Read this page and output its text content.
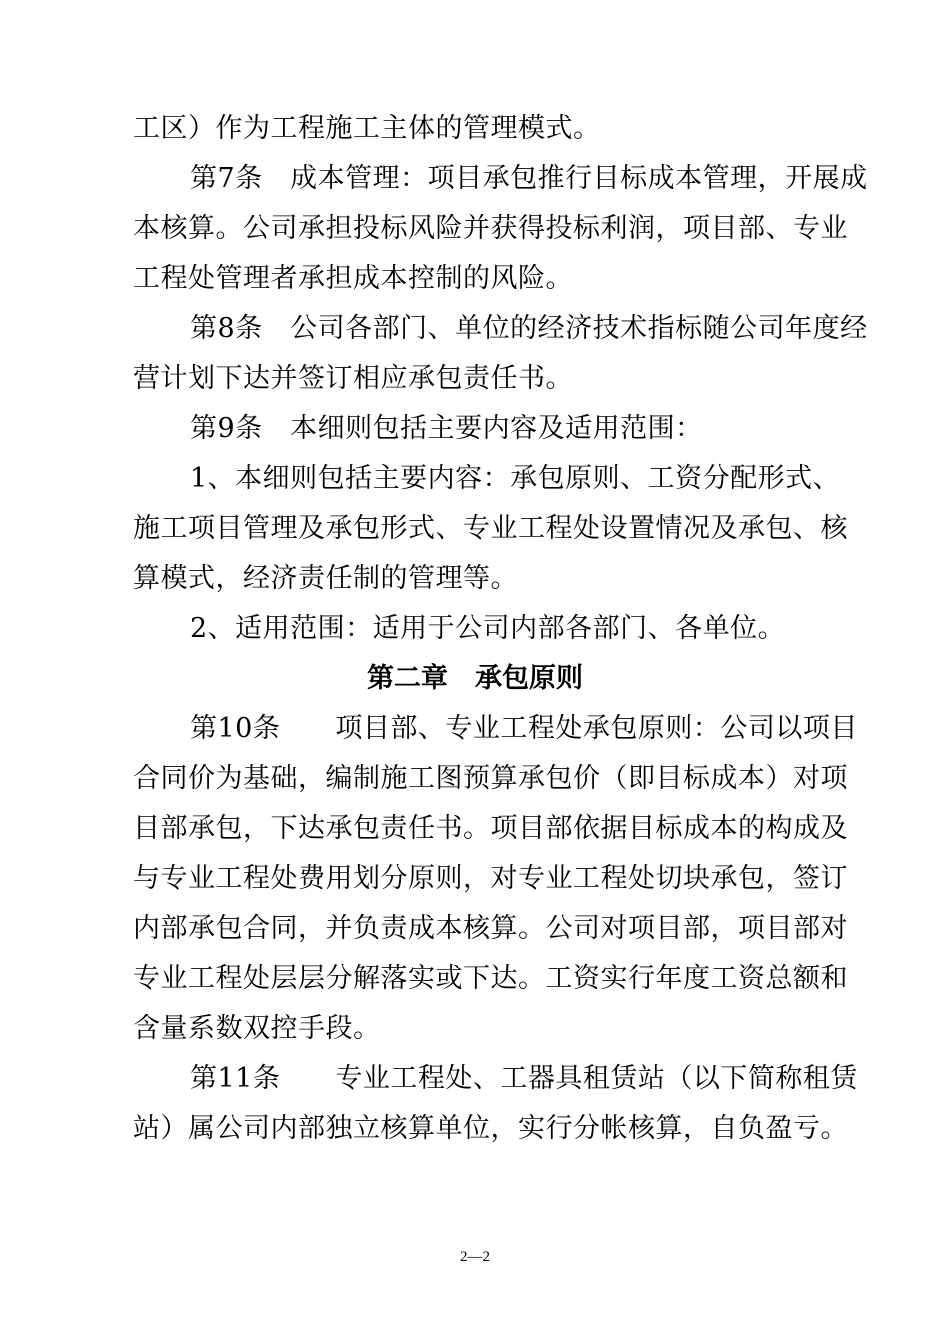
工区）作为工程施工主体的管理模式。
第7条　成本管理：项目承包推行目标成本管理，开展成
本核算。公司承担投标风险并获得投标利润，项目部、专业
工程处管理者承担成本控制的风险。
第8条　公司各部门、单位的经济技术指标随公司年度经
营计划下达并签订相应承包责任书。
第9条　本细则包括主要内容及适用范围：
1、本细则包括主要内容：承包原则、工资分配形式、
施工项目管理及承包形式、专业工程处设置情况及承包、核
算模式，经济责任制的管理等。
2、适用范围：适用于公司内部各部门、各单位。
第二章　承包原则
第10条　　项目部、专业工程处承包原则：公司以项目
合同价为基础，编制施工图预算承包价（即目标成本）对项
目部承包，下达承包责任书。项目部依据目标成本的构成及
与专业工程处费用划分原则，对专业工程处切块承包，签订
内部承包合同，并负责成本核算。公司对项目部，项目部对
专业工程处层层分解落实或下达。工资实行年度工资总额和
含量系数双控手段。
第11条　　专业工程处、工器具租赁站（以下简称租赁
站）属公司内部独立核算单位，实行分帐核算，自负盈亏。
2—2
